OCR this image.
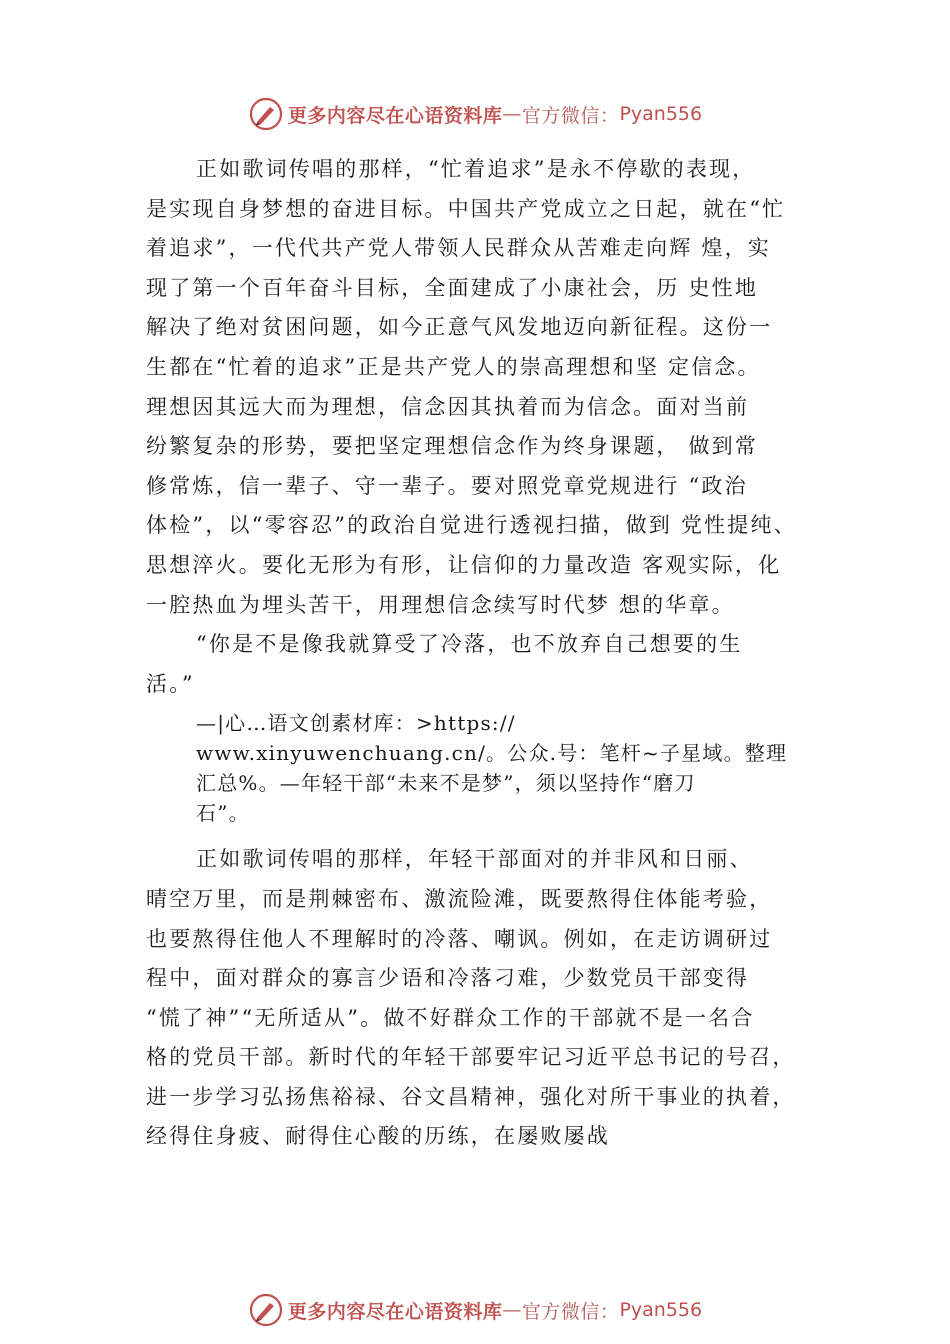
更多内容尽在心语资料库 — 官方微信： Pyan556
正如歌词传唱的那样，“忙着追求”是永不停歇的表现，
是实现自身梦想的奋进目标。中国共产党成立之日起，就在“忙
着追求”，一代代共产党人带领人民群众从苦难走向辉 煌，实
现了第一个百年奋斗目标，全面建成了小康社会，历 史性地
解决了绝对贫困问题，如今正意气风发地迈向新征程。这份一
生都在“忙着的追求”正是共产党人的崇高理想和坚 定信念。
理想因其远大而为理想，信念因其执着而为信念。面对当前
纷繁复杂的形势，要把坚定理想信念作为终身课题， 做到常
修常炼，信一辈子、守一辈子。要对照党章党规进行 “政治
体检”，以“零容忍”的政治自觉进行透视扫描，做到 党性提纯、
思想淬火。要化无形为有形，让信仰的力量改造 客观实际，化
一腔热血为埋头苦干，用理想信念续写时代梦 想的华章。
“你是不是像我就算受了冷落，也不放弃自己想要的生
活。”
—|心…语文创素材库：>https://
www.xinyuwenchuang.cn/。公众.号：笔杆~子星域。整理
汇总%。—年轻干部“未来不是梦”，须以坚持作“磨刀
石”。
正如歌词传唱的那样，年轻干部面对的并非风和日丽、
晴空万里，而是荆棘密布、激流险滩，既要熬得住体能考验，
也要熬得住他人不理解时的冷落、嘲讽。例如，在走访调研过
程中，面对群众的寡言少语和冷落刁难，少数党员干部变得
“慌了神”“无所适从”。做不好群众工作的干部就不是一名合
格的党员干部。新时代的年轻干部要牢记习近平总书记的号召，
进一步学习弘扬焦裕禄、谷文昌精神，强化对所干事业的执着，
经得住身疲、耐得住心酸的历练，在屡败屡战
更多内容尽在心语资料库 — 官方微信： Pyan556
